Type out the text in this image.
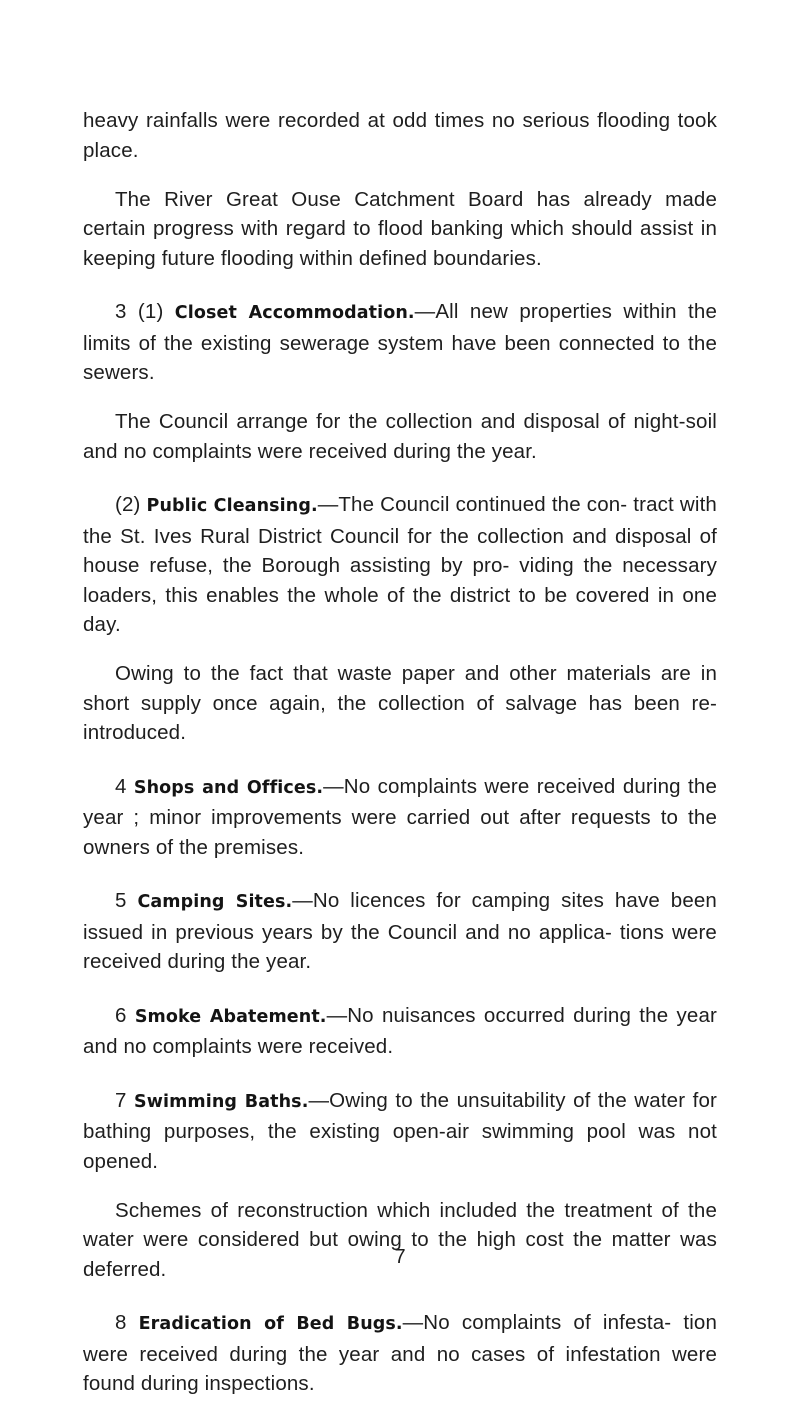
heavy rainfalls were recorded at odd times no serious flooding took place.

The River Great Ouse Catchment Board has already made certain progress with regard to flood banking which should assist in keeping future flooding within defined boundaries.

3 (1) Closet Accommodation.—All new properties within the limits of the existing sewerage system have been connected to the sewers.

The Council arrange for the collection and disposal of night-soil and no complaints were received during the year.

(2) Public Cleansing.—The Council continued the con- tract with the St. Ives Rural District Council for the collection and disposal of house refuse, the Borough assisting by pro- viding the necessary loaders, this enables the whole of the district to be covered in one day.

Owing to the fact that waste paper and other materials are in short supply once again, the collection of salvage has been re-introduced.

4 Shops and Offices.—No complaints were received during the year ; minor improvements were carried out after requests to the owners of the premises.

5 Camping Sites.—No licences for camping sites have been issued in previous years by the Council and no applica- tions were received during the year.

6 Smoke Abatement.—No nuisances occurred during the year and no complaints were received.

7 Swimming Baths.—Owing to the unsuitability of the water for bathing purposes, the existing open-air swimming pool was not opened.

Schemes of reconstruction which included the treatment of the water were considered but owing to the high cost the matter was deferred.

8 Eradication of Bed Bugs.—No complaints of infesta- tion were received during the year and no cases of infestation were found during inspections.

7
